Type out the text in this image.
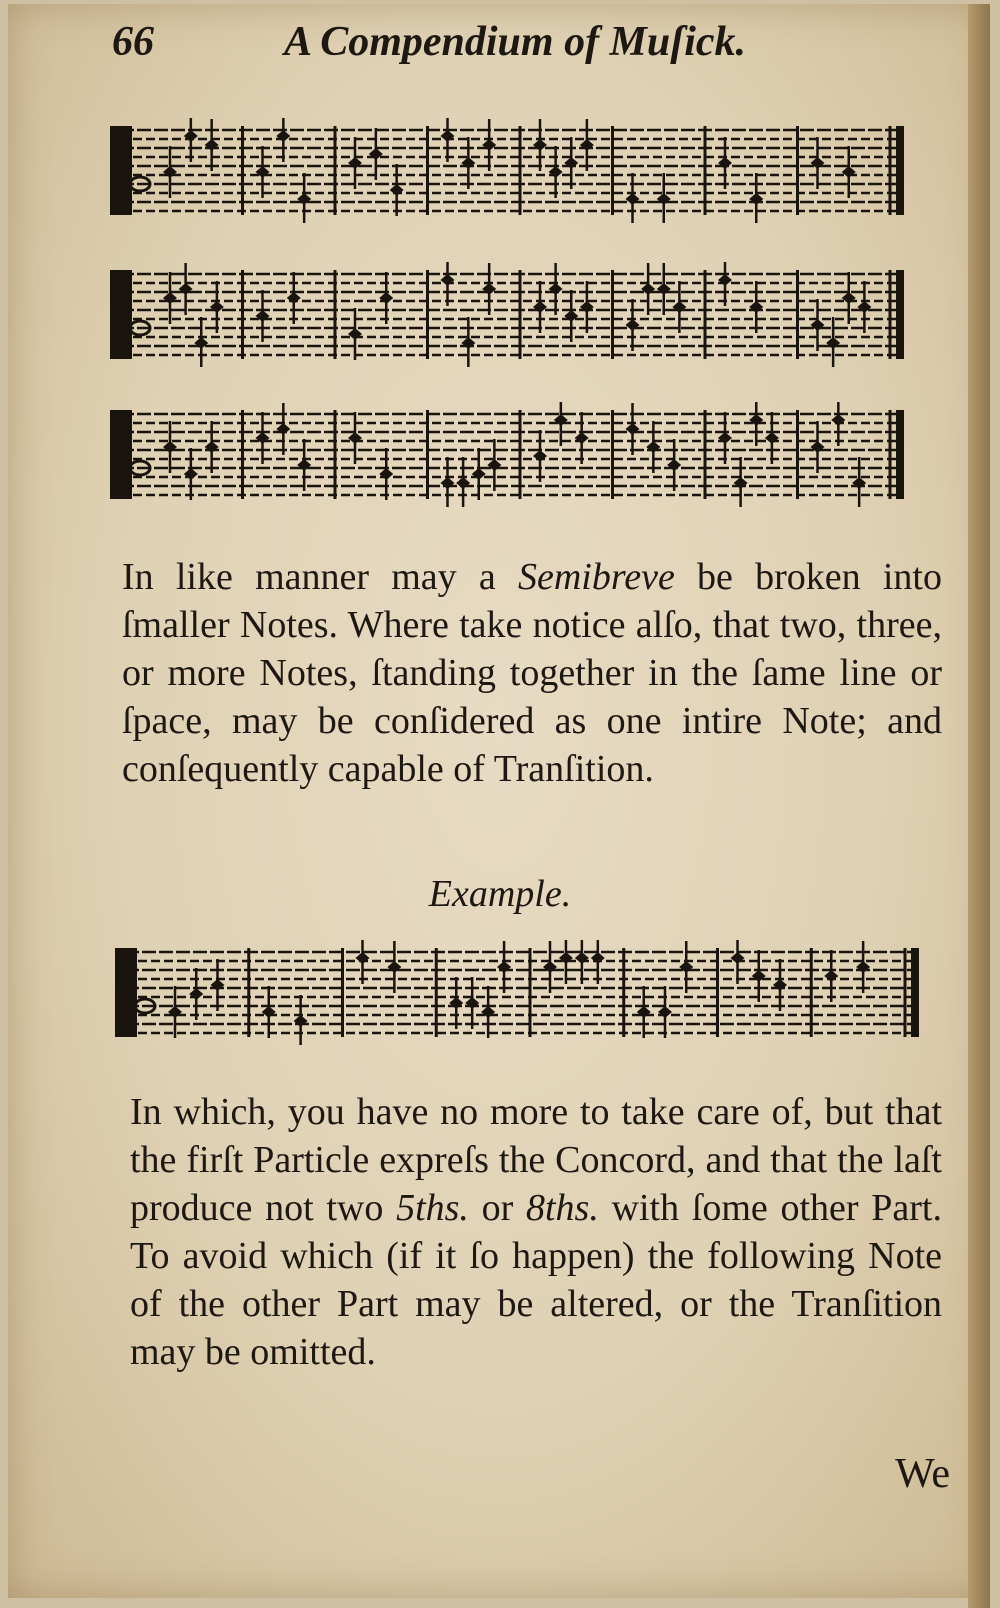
66	A Compendium of Muſick.

In like manner may a Semibreve be broken into ſmaller Notes. Where take notice alſo, that two, three, or more Notes, ſtanding together in the ſame line or ſpace, may be conſidered as one intire Note; and conſequently capable of Tranſition.

Example.

In which, you have no more to take care of, but that the firſt Particle expreſs the Concord, and that the laſt produce not two 5ths. or 8ths. with ſome other Part. To avoid which (if it ſo happen) the following Note of the other Part may be altered, or the Tranſition may be omitted.

We
